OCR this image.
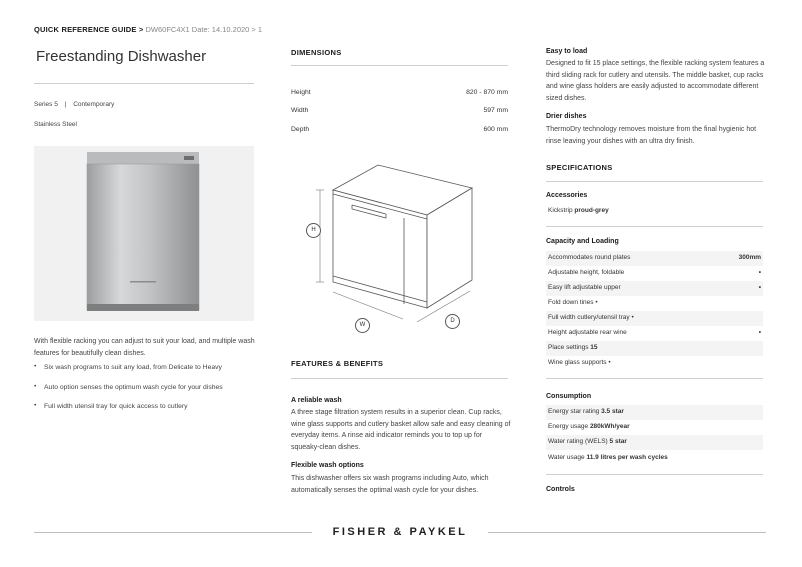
QUICK REFERENCE GUIDE > DW60FC4X1 Date: 14.10.2020 > 1
Freestanding Dishwasher
Series 5 | Contemporary
Stainless Steel
With flexible racking you can adjust to suit your load, and multiple wash features for beautifully clean dishes.
• Six wash programs to suit any load, from Delicate to Heavy
• Auto option senses the optimum wash cycle for your dishes
• Full width utensil tray for quick access to cutlery
DIMENSIONS
Height	820 - 870 mm
Width	597 mm
Depth	600 mm
H
W
D
FEATURES & BENEFITS
A reliable wash
A three stage filtration system results in a superior clean. Cup racks, wine glass supports and cutlery basket allow safe and easy cleaning of everyday items. A rinse aid indicator reminds you to top up for squeaky-clean dishes.
Flexible wash options
This dishwasher offers six wash programs including Auto, which automatically senses the optimal wash cycle for your dishes.
Easy to load
Designed to fit 15 place settings, the flexible racking system features a third sliding rack for cutlery and utensils. The middle basket, cup racks and wine glass holders are easily adjusted to accommodate different sized dishes.
Drier dishes
ThermoDry technology removes moisture from the final hygienic hot rinse leaving your dishes with an ultra dry finish.
SPECIFICATIONS
Accessories
Kickstrip proud-grey
Capacity and Loading
Accommodates round plates	300mm
Adjustable height, foldable	•
Easy lift adjustable upper	•
Fold down tines •
Full width cutlery/utensil tray •
Height adjustable rear wine	•
Place settings 15
Wine glass supports •
Consumption
Energy star rating 3.5 star
Energy usage 280kWh/year
Water rating (WELS) 5 star
Water usage 11.9 litres per wash cycles
Controls
FISHER & PAYKEL
